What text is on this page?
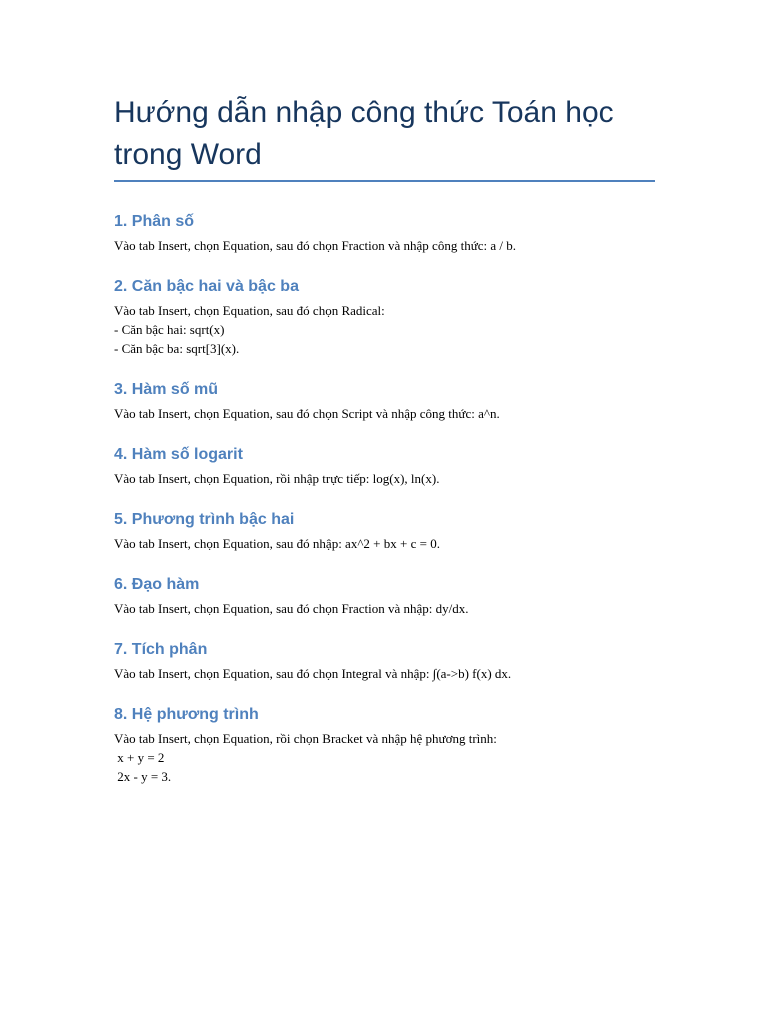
Hướng dẫn nhập công thức Toán học trong Word
1. Phân số

Vào tab Insert, chọn Equation, sau đó chọn Fraction và nhập công thức: a / b.

2. Căn bậc hai và bậc ba

Vào tab Insert, chọn Equation, sau đó chọn Radical:
- Căn bậc hai: sqrt(x)
- Căn bậc ba: sqrt[3](x).

3. Hàm số mũ

Vào tab Insert, chọn Equation, sau đó chọn Script và nhập công thức: a^n.

4. Hàm số logarit

Vào tab Insert, chọn Equation, rồi nhập trực tiếp: log(x), ln(x).

5. Phương trình bậc hai

Vào tab Insert, chọn Equation, sau đó nhập: ax^2 + bx + c = 0.

6. Đạo hàm

Vào tab Insert, chọn Equation, sau đó chọn Fraction và nhập: dy/dx.

7. Tích phân

Vào tab Insert, chọn Equation, sau đó chọn Integral và nhập: ∫(a->b) f(x) dx.

8. Hệ phương trình

Vào tab Insert, chọn Equation, rồi chọn Bracket và nhập hệ phương trình:
x + y = 2
2x - y = 3.
